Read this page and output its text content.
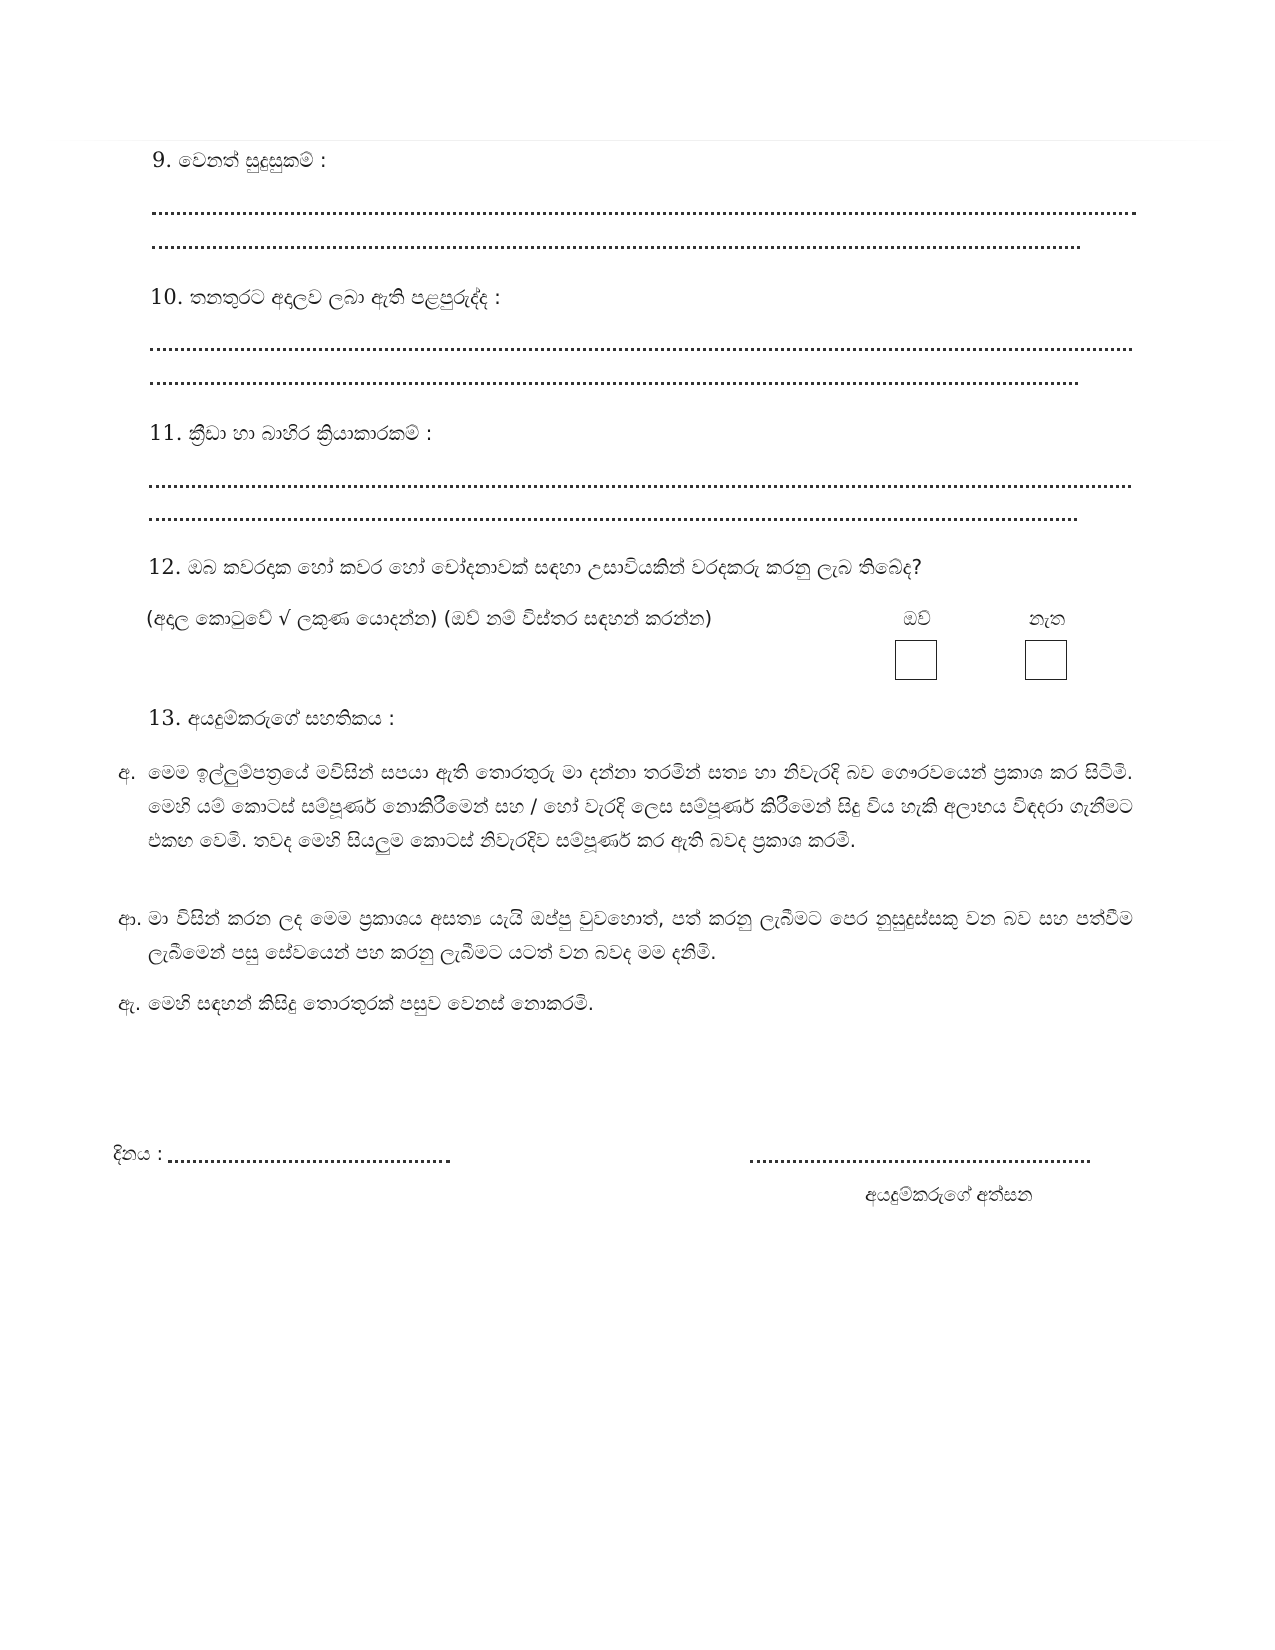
9. වෙනත් සුදුසුකම් :
10. තනතුරට අදාලව ලබා ඇති පළපුරුද්ද :
11. ක්‍රීඩා හා බාහිර ක්‍රියාකාරකම් :
12. ඔබ කවරදාක හෝ කවර හෝ චෝදනාවක් සඳහා උසාවියකින් වරදකරු කරනු ලැබ තිබේද?
(අදාල කොටුවේ √ ලකුණ යොදන්න) (ඔව් නම් විස්තර සඳහන් කරන්න)	ඔව්	නැත
13. අයදුම්කරුගේ සහතිකය :
අ. මෙම ඉල්ලුම්පත්‍රයේ මවිසින් සපයා ඇති තොරතුරු මා දන්නා තරමින් සත්‍ය හා නිවැරදි බව ගෞරවයෙන් ප්‍රකාශ කර සිටිමි. මෙහි යම් කොටස් සම්පූර්ණ නොකිරීමෙන් සහ / හෝ වැරදි ලෙස සම්පූර්ණ කිරීමෙන් සිදු විය හැකි අලාභය විඳදරා ගැනීමට එකඟ වෙමි. තවද මෙහි සියලුම කොටස් නිවැරදිව සම්පූර්ණ කර ඇති බවද ප්‍රකාශ කරමි.
ආ. මා විසින් කරන ලද මෙම ප්‍රකාශය අසත්‍ය යැයි ඔප්පු වුවහොත්, පත් කරනු ලැබීමට පෙර නුසුදුස්සකු වන බව සහ පත්වීම ලැබීමෙන් පසු සේවයෙන් පහ කරනු ලැබීමට යටත් වන බවද මම දනිමි.
ඇ. මෙහි සඳහන් කිසිදු තොරතුරක් පසුව වෙනස් නොකරමි.
දිනය :
අයදුම්කරුගේ අත්සන
